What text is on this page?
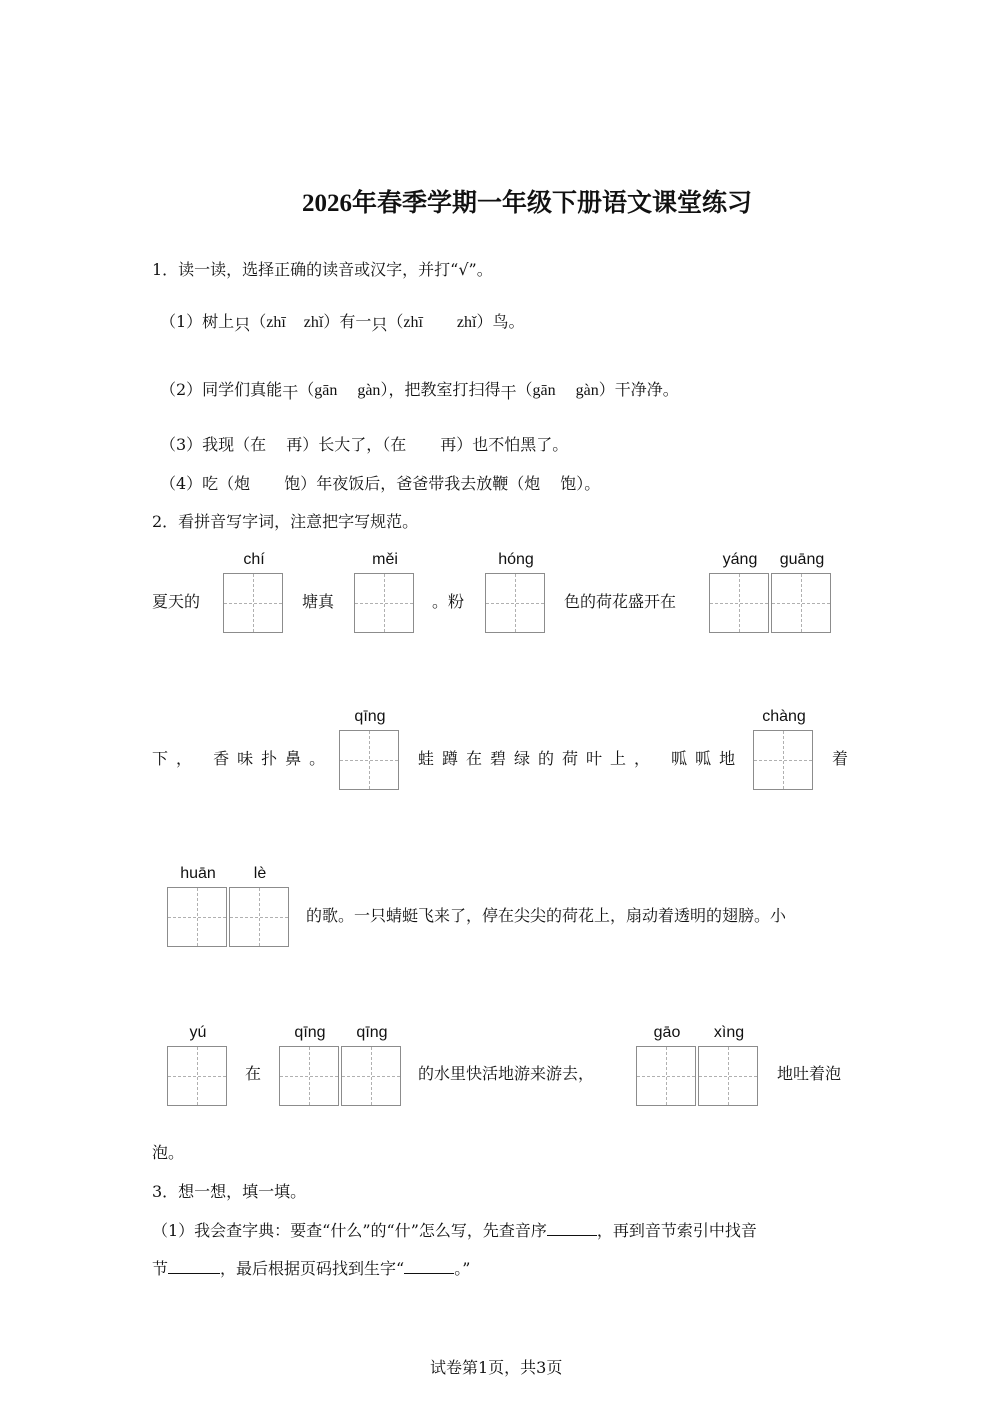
2026年春季学期一年级下册语文课堂练习
1．读一读，选择正确的读音或汉字，并打“√”。
（1）树上只（zhī zhǐ）有一只（zhī zhǐ）鸟。
（2）同学们真能干（gān gàn），把教室打扫得干（gān gàn）干净净。
（3）我现（在 再）长大了，（在 再）也不怕黑了。
（4）吃（炮 饱）年夜饭后，爸爸带我去放鞭（炮 饱）。
2．看拼音写字词，注意把字写规范。
夏天的
chí
塘真
měi
。粉
hóng
色的荷花盛开在
yáng	guāng
下， 香味扑鼻。
qīng
蛙蹲在碧绿的荷叶上， 呱呱地
chàng
着
huān	lè
的歌。一只蜻蜓飞来了，停在尖尖的荷花上，扇动着透明的翅膀。小
yú
在
qīng	qīng
的水里快活地游来游去，
gāo	xìng
地吐着泡
泡。
3．想一想，填一填。
（1）我会查字典：要查“什么”的“什”怎么写，先查音序	，再到音节索引中找音
节	，最后根据页码找到生字“	。”
试卷第1页，共3页
